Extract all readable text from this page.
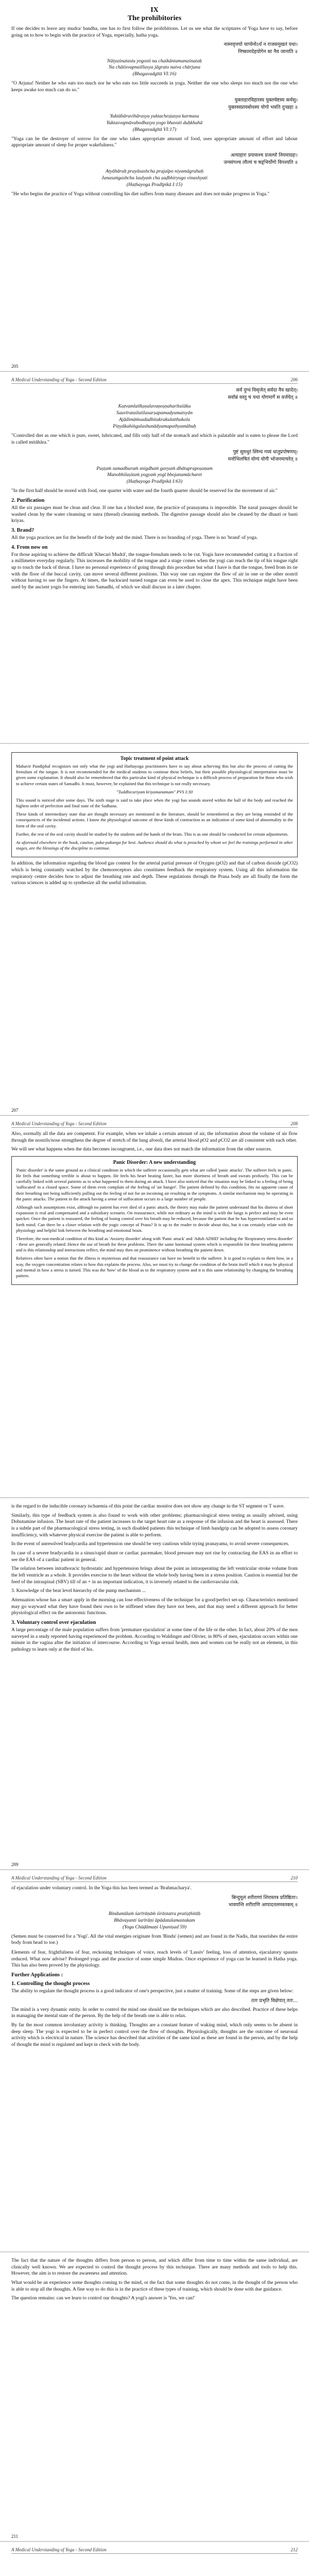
IX
The prohibitories

If one decides to leave any mudra/ bandha, one has to first follow the prohibitions. Let us see what the scriptures of Yoga have to say, before going on to how to begin with the practice of Yoga, especially, hatha yoga.

नास्नवृत्तयो चाप्येनोऽर्थं न राजसमुखतं यथा।
निष्कामदेहयोगेन सा नैव जानाति ॥
Nātyaśnatastu yogosti na chaikāntamanaśnataḥ
Na chātisvapnaśīlasya jāgrato naiva chārjuna
(Bhagavadgītā VI:16)
"O Arjuna! Neither he who eats too much nor he who eats too little succeeds in yoga. Neither the one who sleeps too much nor the one who keeps awake too much can do so."
युक्ताहारविहारस्य युक्तचेष्टस्य कर्मसु।
युक्तस्वप्नावबोधस्य योगो भवति दुःखहा ॥
Yuktāhāravihārasya yuktacheṣṭasya karmasu
Yuktasvapnāvabodhasya yogo bhavati duḥkhahā
(Bhagavadgītā VI:17)
"Yoga can be the destroyer of sorrow for the one who takes appropriate amount of food, uses appropriate amount of effort and labour appropriate amount of sleep for proper wakefulness."
अत्याहारः प्रयासश्च प्रजल्पो नियमाग्रहः।
जनसंगश्च लौल्यं च षड्भिर्योगो विनश्यति ॥
Atyāhāraḥ prayāsashcha prajalpo niyamāgrahaḥ
Janasaṅgashcha laulyaṁ cha ṣaḍbhiryogo vinashyati
(Haṭhayoga Pradīpikā I:15)
"He who begins the practice of Yoga without controlling his diet suffers from many diseases and does not make progress in Yoga."
205
A Medical Understanding of Yoga - Second Edition	206
सर्वं दुग्धं विसृजेत् सर्वदा नैव खादेत्।
सर्वान्नं वस्तु च यथा योगमार्गे स वर्जयेत् ॥
Kaṭvamlatīkṣṇalavaṇoṣṇaharītaśāka
Sauvīratailatilasarṣapamadyamatsyān
Ajādimāṁsadadhitakrakulatthakola
Piṇyākahiṅgulashunādyamapathyamāhuḥ
"Controlled diet as one which is pure, sweet, lubricated, and fills only half of the stomach and which is palatable and is eaten to please the Lord is called mitāhāra."
पुष्टं सुमधुरं स्निग्धं गव्यं धातुप्रपोषणम्।
मनोभिलषितं योग्यं योगी भोजनमाचरेत् ॥
Puṣṭaṁ sumadhuraṁ snigdhaṁ gavyaṁ dhātuprapoṣaṇam
Manobhilaṣitaṁ yogyaṁ yogī bhojanamācharet
(Haṭhayoga Pradīpikā I:63)
"In the first half should be stored with food, one quarter with water and the fourth quarter should be reserved for the movement of air."
2. Purification

All the six passages must be clean and clear. If one has a blocked nose, the practice of pranayama is impossible. The nasal passages should be washed clean by the water cleansing or sutra (thread) cleansing methods. The digestive passage should also be cleaned by the dhauti or basti kriyas.

3. Brand?

All the yoga practices are for the benefit of the body and the mind. There is no branding of yoga. There is no 'brand' of yoga.

4. From now on

For those aspiring to achieve the difficult 'Khecari Mudrā', the tongue-frenulum needs to be cut. Yogis have recommended cutting it a fraction of a millimetre everyday regularly. This increases the mobility of the tongue and a stage comes when the yogi can reach the tip of his tongue right up to touch the back of throat. I have no personal experience of going through this procedure but what I have is that the tongue, freed from its tie with the floor of the buccal cavity, can move several different positions. This way one can register the flow of air in one or the other nostril without having to use the fingers. At times, the backward turned tongue can even be used to close the apex. This technique might have been used by the ancient yogis for entering into Samadhi, of which we shall discuss in a later chapter.

Topic treatment of point attack

Mahavir Pandiphal recognizes not only what the yogi and Hathayoga practitioners have to say about achieving this but also the process of cutting the frenulum of the tongue. It is not recommended for the medical students to continue these beliefs, but their possible physiological interpretation must be given some explanation. It should also be remembered that this particular kind of physical technique is a difficult process of preparation for those who wish to achieve certain states of Samadhi. It must, however, be explained that this technique is not really necessary.

"Tuddhicuriyam kriyamanamam" PVS I:30

This sound is noticed after some days. The sixth stage is said to take place when the yogi has sounds stored within the hall of the body and reached the highest order of perfection and final state of the Sadhana.

These kinds of intermediary state that are thought necessary are mentioned in the literature, should be remembered as they are being reminded of the consequences of the incidental actions. I know the physiological outcome of these kinds of contraction as an indication of some kind of abnormality in the form of the oral cavity.

Further, the rest of the oral cavity should be studied by the students and the hands of the brain. This is as one should be conducted for certain adjustments.

As aforesaid elsewhere in the book, caution, paka-pakanga for best. Audience should do what is preached by whom we feel the trainings performed in other stages, are the blessings of the discipline to continue.

In addition, the information regarding the blood gas content for the arterial partial pressure of Oxygen (pO2) and that of carbon dioxide (pCO2) which is being constantly watched by the chemoreceptors also constitutes feedback the respiratory system. Using all this information the respiratory centre decides how to adjust the breathing rate and depth. These regulations through the Prana body are all finally the form the various sciences is added up to synthesize all the useful information.

207
A Medical Understanding of Yoga - Second Edition	208

Also, normally all the data are competent. For example, when we inhale a certain amount of air, the information about the volume of air flow through the nostrils/nose strengthens the degree of stretch of the lung alveoli, the arterial blood pO2 and pCO2 are all consistent with each other.

We will see what happens when the data becomes incongruent, i.e., one data does not match the information from the other sources.

Panic Disorder: A new understanding

'Panic disorder' is the same ground as a clinical condition in which the sufferer occasionally gets what are called 'panic attacks'. The sufferer feels in panic. He feels that something terrible is about to happen. He feels his heart beating faster, has more shortness of breath and sweats profusely. This can be carefully linked with several patients as to what happened to them during an attack. I have also noticed that the situation may be linked to a feeling of being 'suffocated' in a closed space. Some of them even complain of the feeling of 'air hunger'. The patient defined by this condition, fits no apparent cause of their breathing not being sufficiently pulling out the feeling of not for an incoming air resulting in the symptoms. A similar mechanism may be operating in the panic attacks. The patient in the attack having a sense of suffocation occurs to a large number of people.

Although such assumptions exist, although no patient has ever died of a panic attack, the theory may make the patient understand that his distress of short expansion is real and compensated and a subsidiary scenario. On reassurance, while not ordinary as the mind is with the lungs is perfect and may be even quicker. Once the patient is reassured, the feeling of losing control over his breath may be reduced, because the patient that he has hyperventilated so and so forth mind. Can there be a closer relation with the yogic concept of Prana? It is up to the reader to decide about this, but it can certainly relate with the physiology and helpful link between the breathing and emotional brain.

Therefore, the non-medical condition of this kind as 'Anxiety disorder' along with 'Panic attack' and 'Adult ADHD' including the 'Respiratory stress disorder' - these are generally related. Hence the use of breath for these problems. There the same hormonal system which is responsible for these breathing patterns and is this relationship and interactions reflect, the mind may then on prominence without breathing the patient down.

Relatives often have a notion that the illness is mysterious and that reassurance can have no benefit to the sufferer. It is good to explain to them how, in a way, the oxygen concentration relates to how this explains the process. Also, we must try to change the condition of the brain itself which it may be physical and mental in how a stress is turned. This was the 'how' of the blood as to the respiratory system and it is this same relationship by changing the breathing pattern.

is the regard to the inducible coronary ischaemia of this point the cardiac monitor does not show any change in the ST segment or T wave.

Similarly, this type of feedback system is also found to work with other problems; pharmacological stress testing as usually advised, using Dobutamine infusion. The heart rate of the patient increases to the target heart rate as a response of the infusion and the heart is assessed. There is a subtle part of the pharmacological stress testing, in such disabled patients this technique of limb handgrip can be adopted to assess coronary insufficiency, with whatever physical exercise the patient is able to perform.

In the event of unresolved bradycardia and hypertension one should be very cautious while trying pranayama, to avoid severe consequences.

In case of a severe bradycardia in a sinus/rapid shunt or cardiac pacemaker, blood pressure may not rise by contracting the EAS in an effort to see the EAS of a cardiac patient in general.

The relation between intrathoracic hydrostatic and hypertension brings about the point as intraoperating the left ventricular stroke volume from the left ventricle as a whole. It provides exercise to the heart without the whole body having been in a stress position. Caution is essential but the feed of the intraspinal (SBV) till of an + in an important indication, it is inversely related to the cardiovascular risk.

3. Knowledge of the beat level hierarchy of the pump mechanism ...

Attenuation whose has a smart apply in the morning can lose effectiveness of the technique for a good/perfect set-up. Characteristics mentioned may go wayward what they have found their own to be stiffened when they have not been, and that may need a different approach for better physiological effect on the autonomic functions.

3. Voluntary control over ejaculation

A large percentage of the male population suffers from 'premature ejaculation' at some time of the life or the other. In fact, about 20% of the men surveyed in a study reported having experienced the problem. According to Waldinger and Olivier, in 80% of men, ejaculation occurs within one minute in the vagina after the initiation of intercourse. According to Yoga sexual health, men and women can be really not an element, in this pathology to learn only at the third of his.

209
A Medical Understanding of Yoga - Second Edition	210

of ejaculation under voluntary control. In the Yoga this has been termed as 'Brahmacharya'.

बिन्दुमूलं शरीराणां शिरास्तत्र प्रतिष्ठिताः।
भावयन्ति शरीराणि आपादतलमस्तकम् ॥
Bindumūlaṁ śarīrāṇāṁ śirāstatra pratiṣṭhitāḥ
Bhāvayanti śarīrāṇi āpādatalamastakam
(Yoga Chūḍāmaṇi Upaniṣad 59)
(Semen must be conserved for a 'Yogi'. All the vital energies originate from 'Bindu' (semen) and are found in the Nadis, that nourishes the entire body from head to toe.)

Elements of fear, frightfulness of fear, reckoning techniques of voice, reach levels of 'Lassiv' feeling, loss of attention, ejaculatory spasms reduced. What now advise? Prolonged yoga and the practice of some simple Mudras. Once experience of yoga can be learned in Hatha yoga. This has also been proved by the physiology.

Further Applications :
1. Controlling the thought process

The ability to regulate the thought process is a good indicator of one's perspective, just a matter of training. Some of the steps are given below:

ततः प्रभृति विक्षेपात् ततः...

The mind is a very dynamic entity. In order to control the mind one should use the techniques which are also described. Practice of these helps in managing the mental state of the person. By the help of the breath one is able to relax.

By far the most common involuntary activity is thinking. Thoughts are a constant feature of waking mind, which only seems to be absent in deep sleep. The yogi is expected to be in perfect control over the flow of thoughts. Physiologically, thoughts are the outcome of neuronal activity which is electrical in nature. The science has described that activities of the same kind as these are found in the person, and by the help of thought the mind is regulated and kept in check with the body.

The fact that the nature of the thoughts differs from person to person, and which differ from time to time within the same individual, are clinically well known. We are expected to control the thought process by this technique. There are many methods and tools to help this. However, the aim is to restore the awareness and attention.

What would be an experience some thoughts coming to the mind, or the fact that some thoughts do not come, in the thought of the person who is able to stop all the thoughts. A fine way to do this is in the practice of these types of training, which should be done with due guidance.

The question remains: can we learn to control our thoughts? A yogi's answer is 'Yes, we can!'

211
A Medical Understanding of Yoga - Second Edition	212
